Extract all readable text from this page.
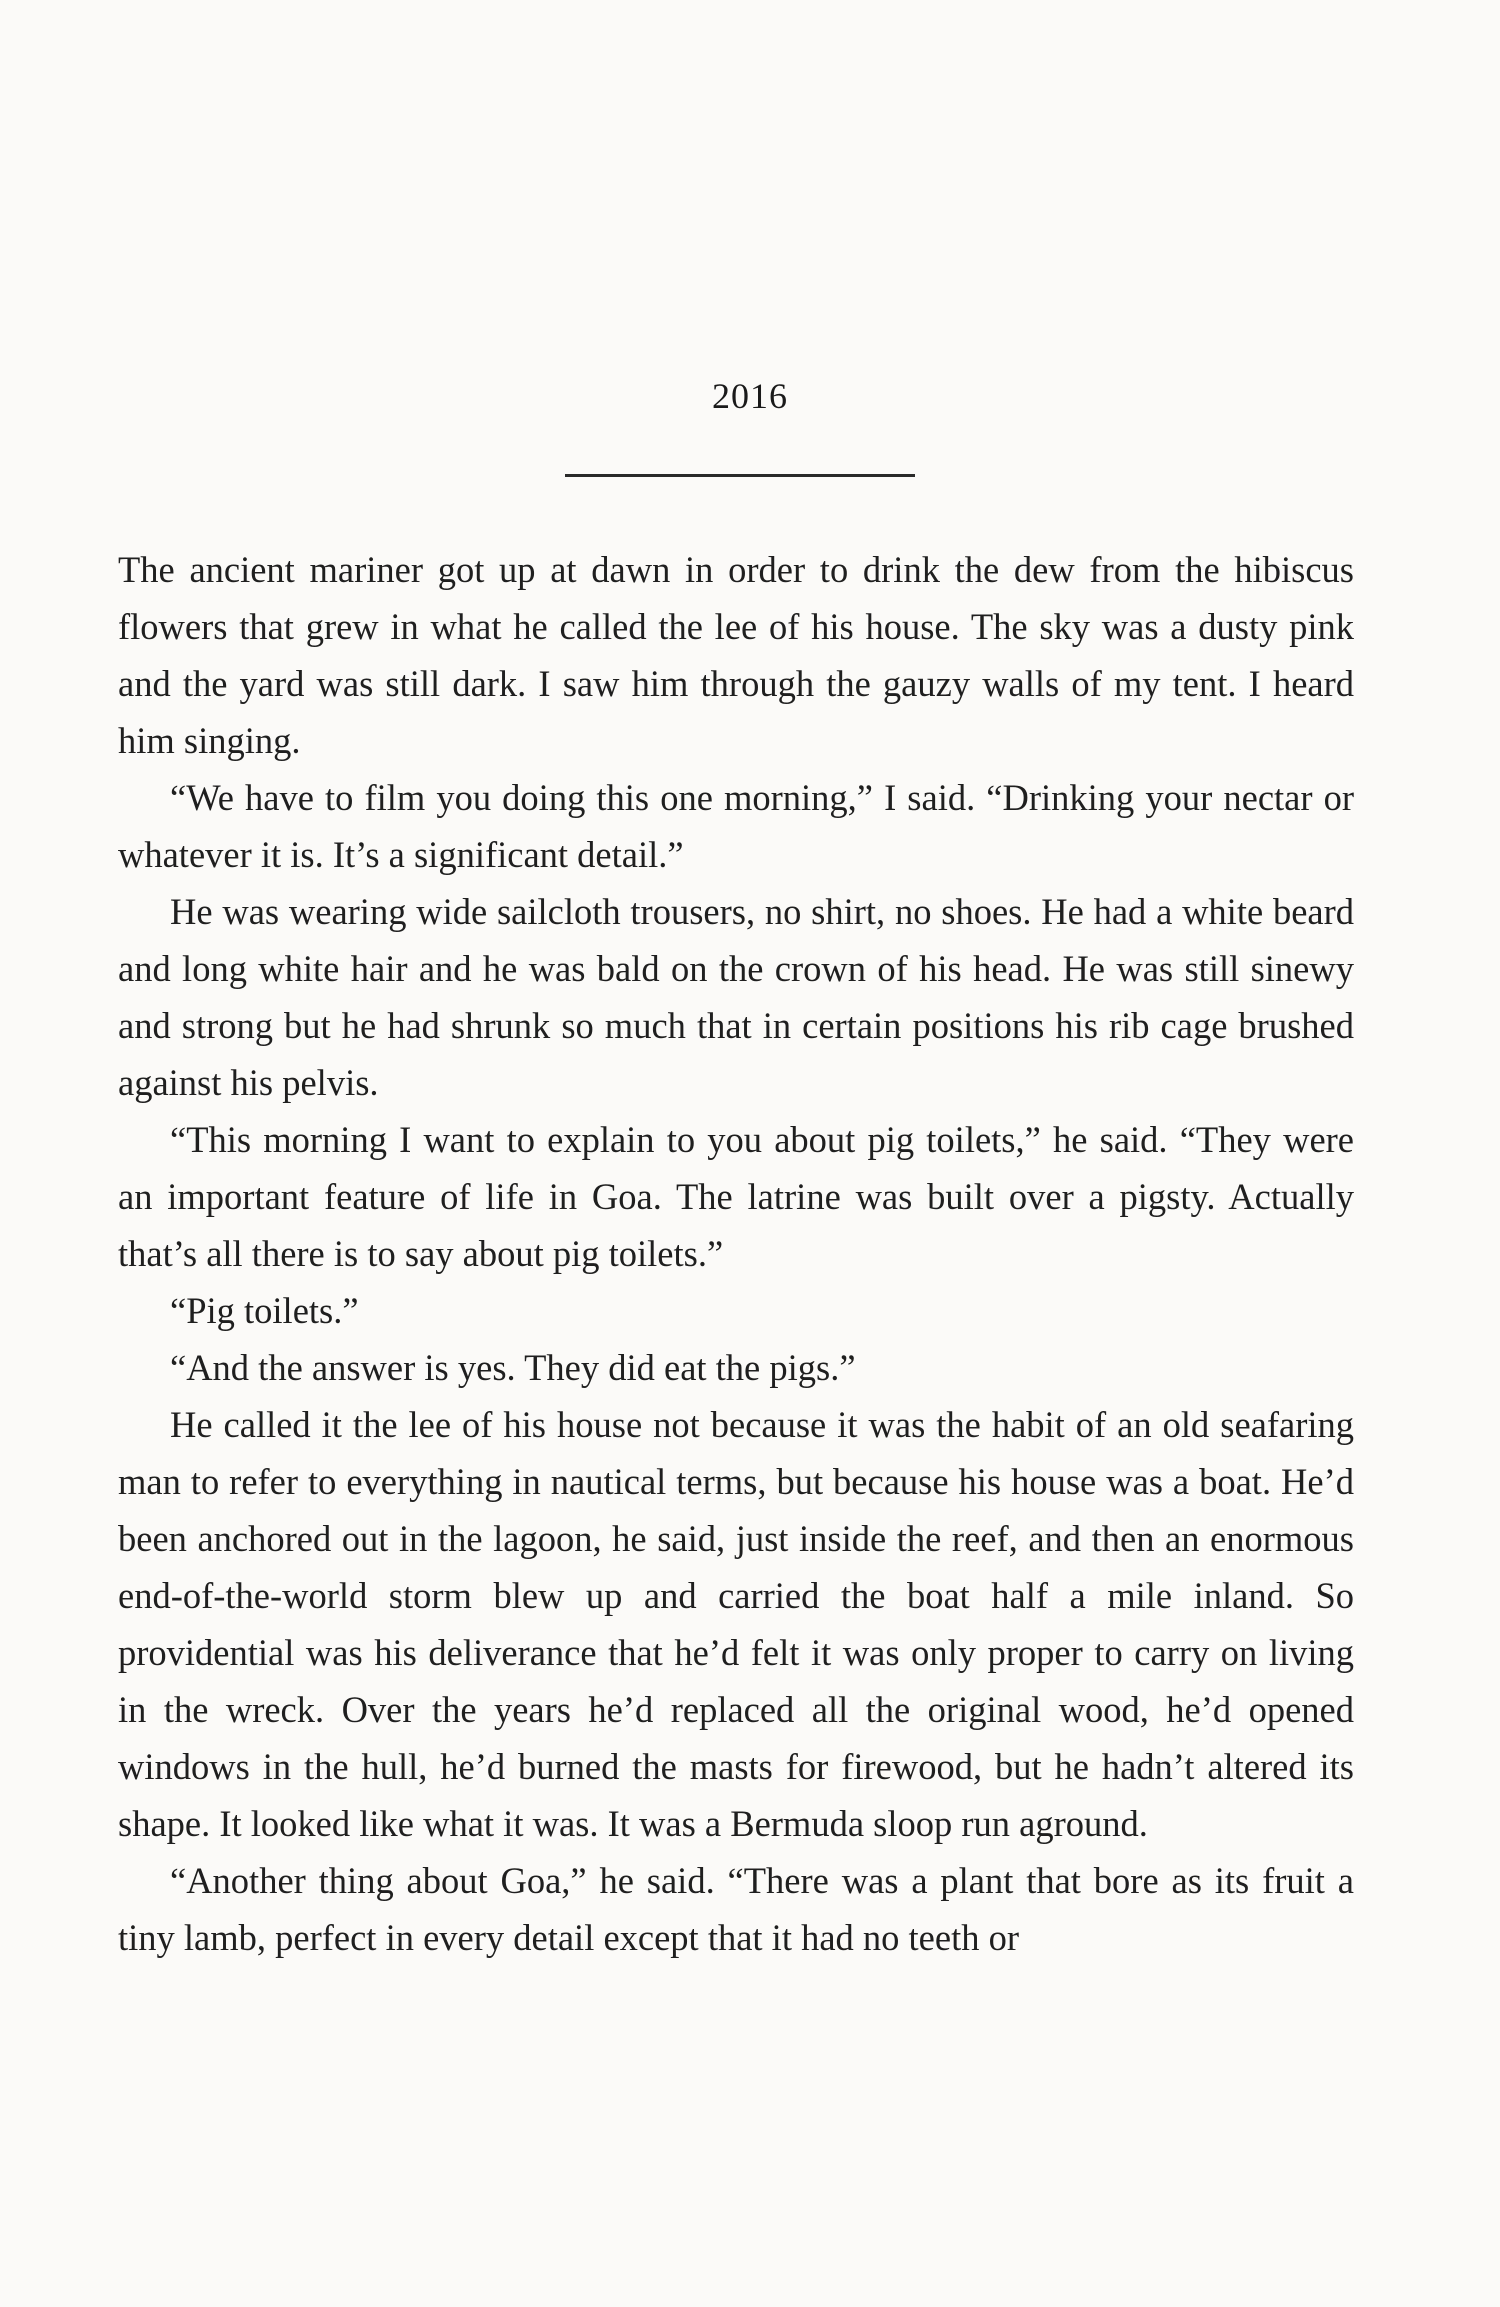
2016

The ancient mariner got up at dawn in order to drink the dew from the hibiscus flowers that grew in what he called the lee of his house. The sky was a dusty pink and the yard was still dark. I saw him through the gauzy walls of my tent. I heard him singing.

“We have to film you doing this one morning,” I said. “Drinking your nectar or whatever it is. It’s a significant detail.”

He was wearing wide sailcloth trousers, no shirt, no shoes. He had a white beard and long white hair and he was bald on the crown of his head. He was still sinewy and strong but he had shrunk so much that in certain positions his rib cage brushed against his pelvis.

“This morning I want to explain to you about pig toilets,” he said. “They were an important feature of life in Goa. The latrine was built over a pigsty. Actually that’s all there is to say about pig toilets.”

“Pig toilets.”

“And the answer is yes. They did eat the pigs.”

He called it the lee of his house not because it was the habit of an old seafaring man to refer to everything in nautical terms, but because his house was a boat. He’d been anchored out in the lagoon, he said, just inside the reef, and then an enormous end-of-the-world storm blew up and carried the boat half a mile inland. So providential was his deliverance that he’d felt it was only proper to carry on living in the wreck. Over the years he’d replaced all the original wood, he’d opened windows in the hull, he’d burned the masts for firewood, but he hadn’t altered its shape. It looked like what it was. It was a Bermuda sloop run aground.

“Another thing about Goa,” he said. “There was a plant that bore as its fruit a tiny lamb, perfect in every detail except that it had no teeth or
